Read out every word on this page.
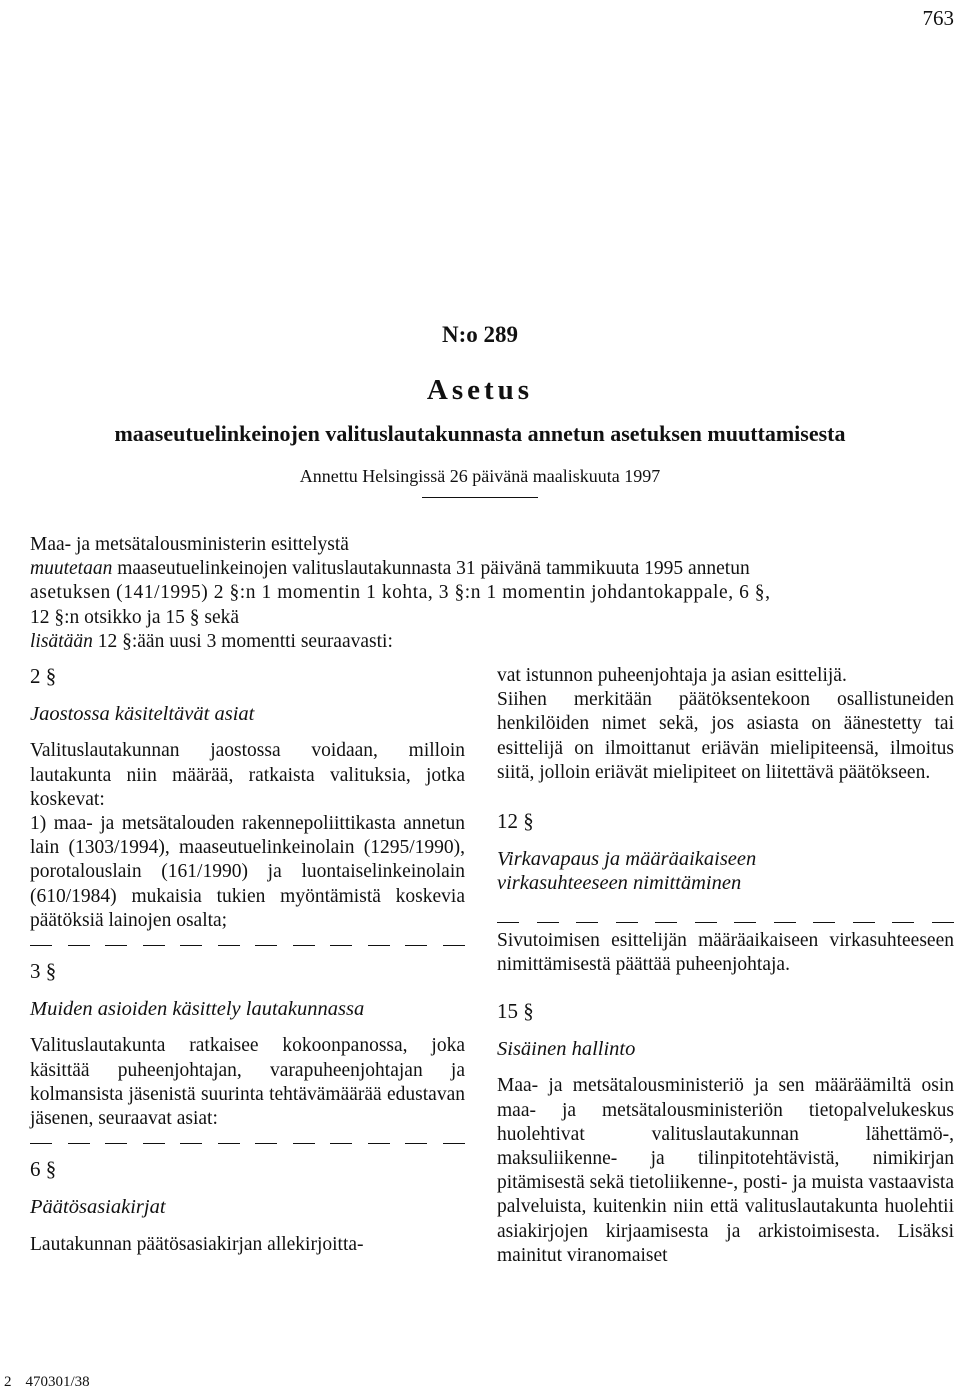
763
N:o 289
Asetus
maaseutuelinkeinojen valituslautakunnasta annetun asetuksen muuttamisesta
Annettu Helsingissä 26 päivänä maaliskuuta 1997

Maa- ja metsätalousministerin esittelystä

muutetaan maaseutuelinkeinojen valituslautakunnasta 31 päivänä tammikuuta 1995 annetun

asetuksen (141/1995) 2 §:n 1 momentin 1 kohta, 3 §:n 1 momentin johdantokappale, 6 §,

12 §:n otsikko ja 15 § sekä

lisätään 12 §:ään uusi 3 momentti seuraavasti:

2 §

Jaostossa käsiteltävät asiat

Valituslautakunnan jaostossa voidaan, milloin lautakunta niin määrää, ratkaista valituksia, jotka koskevat:

1) maa- ja metsätalouden rakennepoliittikasta annetun lain (1303/1994), maaseutuelinkeinolain (1295/1990), porotalouslain (161/1990) ja luontaiselinkeinolain (610/1984) mukaisia tukien myöntämistä koskevia päätöksiä lainojen osalta;

3 §

Muiden asioiden käsittely lautakunnassa

Valituslautakunta ratkaisee kokoonpanossa, joka käsittää puheenjohtajan, varapuheenjohtajan ja kolmansista jäsenistä suurinta tehtävämäärää edustavan jäsenen, seuraavat asiat:

6 §

Päätösasiakirjat

Lautakunnan päätösasiakirjan allekirjoitta-

vat istunnon puheenjohtaja ja asian esittelijä.

Siihen merkitään päätöksentekoon osallistuneiden henkilöiden nimet sekä, jos asiasta on äänestetty tai esittelijä on ilmoittanut eriävän mielipiteensä, ilmoitus siitä, jolloin eriävät mielipiteet on liitettävä päätökseen.

12 §

Virkavapaus ja määräaikaiseen

virkasuhteeseen nimittäminen

Sivutoimisen esittelijän määräaikaiseen virkasuhteeseen nimittämisestä päättää puheenjohtaja.

15 §

Sisäinen hallinto

Maa- ja metsätalousministeriö ja sen määräämiltä osin maa- ja metsätalousministeriön tietopalvelukeskus huolehtivat valituslautakunnan lähettämö-, maksuliikenne- ja tilinpitotehtävistä, nimikirjan pitämisestä sekä tietoliikenne-, posti- ja muista vastaavista palveluista, kuitenkin niin että valituslautakunta huolehtii asiakirjojen kirjaamisesta ja arkistoimisesta. Lisäksi mainitut viranomaiset

2 470301/38
